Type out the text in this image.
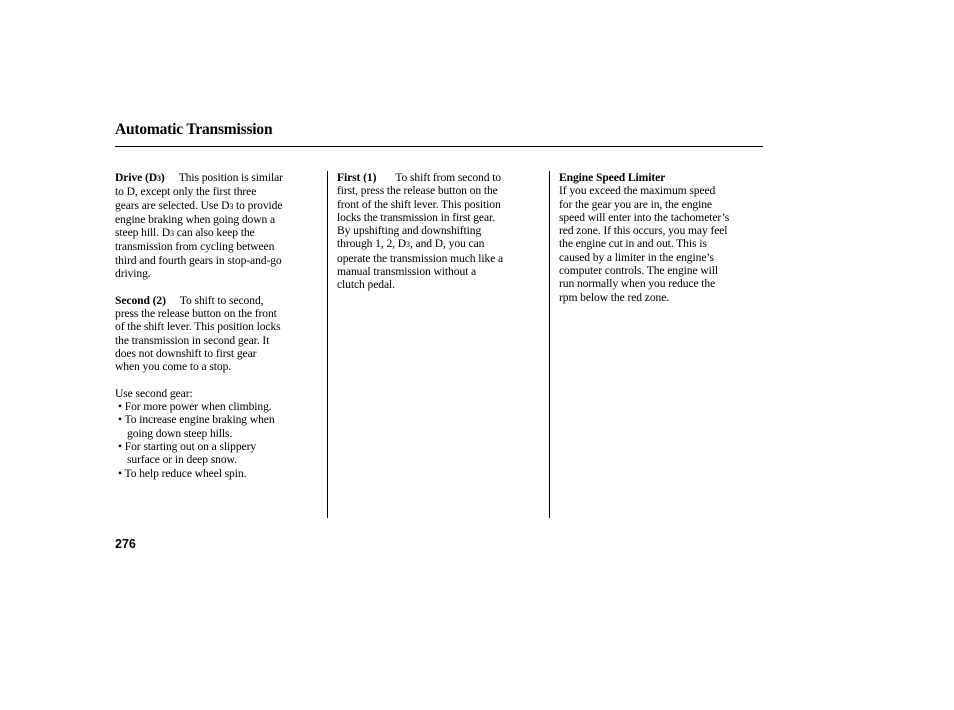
Automatic Transmission

Drive (D3) This position is similar
to D, except only the first three
gears are selected. Use D3 to provide
engine braking when going down a
steep hill. D3 can also keep the
transmission from cycling between
third and fourth gears in stop-and-go
driving.

Second (2) To shift to second,
press the release button on the front
of the shift lever. This position locks
the transmission in second gear. It
does not downshift to first gear
when you come to a stop.

Use second gear:

• For more power when climbing.
• To increase engine braking when
going down steep hills.
• For starting out on a slippery
surface or in deep snow.
• To help reduce wheel spin.

First (1) To shift from second to
first, press the release button on the
front of the shift lever. This position
locks the transmission in first gear.
By upshifting and downshifting
through 1, 2, D3, and D, you can
operate the transmission much like a
manual transmission without a
clutch pedal.

Engine Speed Limiter
If you exceed the maximum speed
for the gear you are in, the engine
speed will enter into the tachometer’s
red zone. If this occurs, you may feel
the engine cut in and out. This is
caused by a limiter in the engine’s
computer controls. The engine will
run normally when you reduce the
rpm below the red zone.

276
